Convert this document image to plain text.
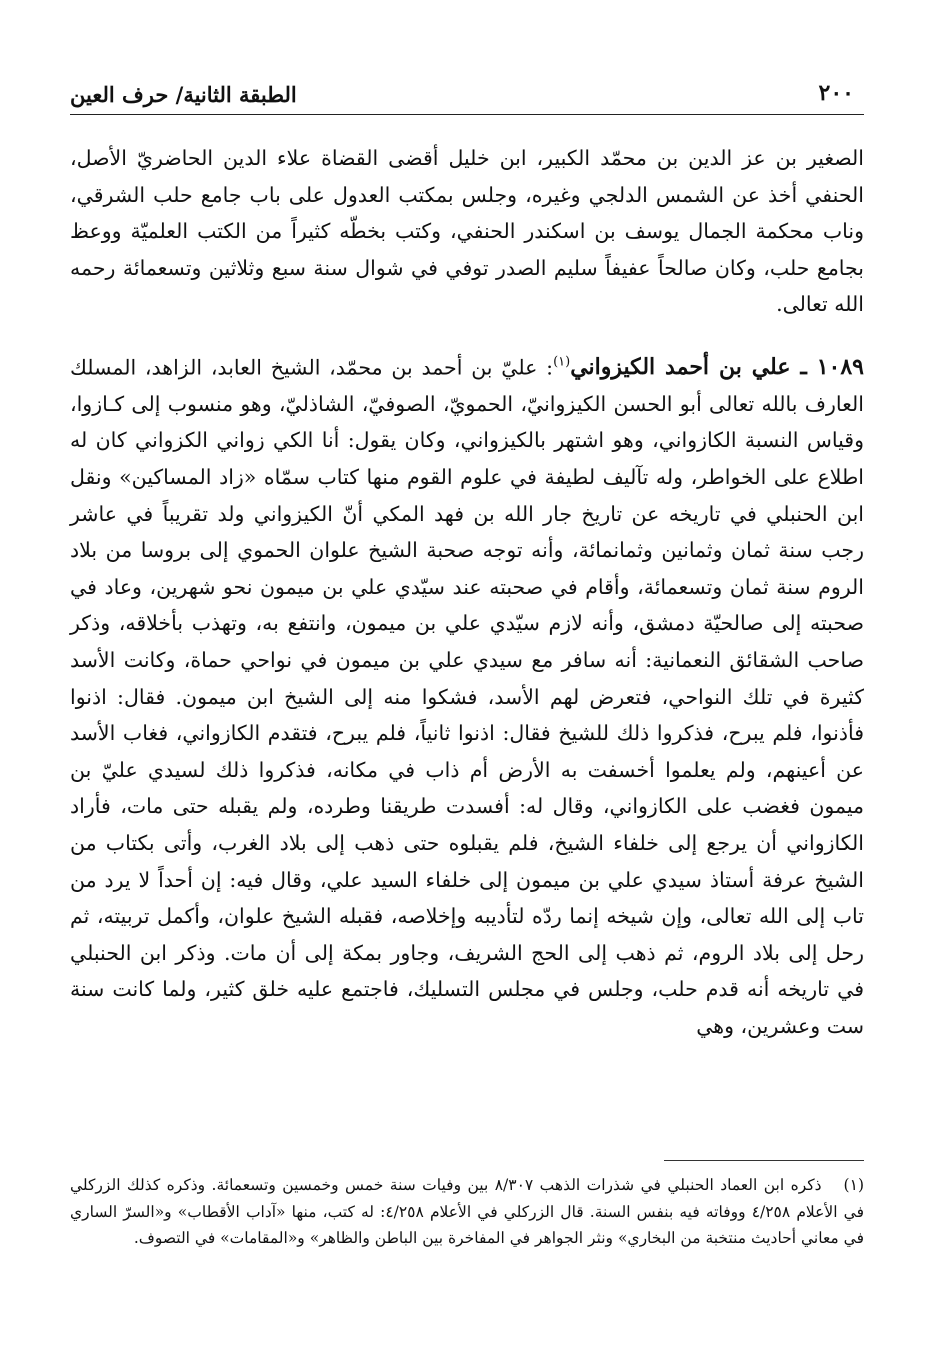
٢٠٠
الطبقة الثانية/ حرف العين

الصغير بن عز الدين بن محمّد الكبير، ابن خليل أقضى القضاة علاء الدين الحاضريّ الأصل، الحنفي أخذ عن الشمس الدلجي وغيره، وجلس بمكتب العدول على باب جامع حلب الشرقي، وناب محكمة الجمال يوسف بن اسكندر الحنفي، وكتب بخطّه كثيراً من الكتب العلميّة ووعظ بجامع حلب، وكان صالحاً عفيفاً سليم الصدر توفي في شوال سنة سبع وثلاثين وتسعمائة رحمه الله تعالى.

١٠٨٩ ـ علي بن أحمد الكيزواني$^{(١)}$: عليّ بن أحمد بن محمّد، الشيخ العابد، الزاهد، المسلك العارف بالله تعالى أبو الحسن الكيزوانيّ، الحمويّ، الصوفيّ، الشاذليّ، وهو منسوب إلى كـازوا، وقياس النسبة الكازواني، وهو اشتهر بالكيزواني، وكان يقول: أنا الكي زواني الكزواني كان له اطلاع على الخواطر، وله تآليف لطيفة في علوم القوم منها كتاب سمّاه «زاد المساكين» ونقل ابن الحنبلي في تاريخه عن تاريخ جار الله بن فهد المكي أنّ الكيزواني ولد تقريباً في عاشر رجب سنة ثمان وثمانين وثمانمائة، وأنه توجه صحبة الشيخ علوان الحموي إلى بروسا من بلاد الروم سنة ثمان وتسعمائة، وأقام في صحبته عند سيّدي علي بن ميمون نحو شهرين، وعاد في صحبته إلى صالحيّة دمشق، وأنه لازم سيّدي علي بن ميمون، وانتفع به، وتهذب بأخلاقه، وذكر صاحب الشقائق النعمانية: أنه سافر مع سيدي علي بن ميمون في نواحي حماة، وكانت الأسد كثيرة في تلك النواحي، فتعرض لهم الأسد، فشكوا منه إلى الشيخ ابن ميمون. فقال: اذنوا فأذنوا، فلم يبرح، فذكروا ذلك للشيخ فقال: اذنوا ثانياً، فلم يبرح، فتقدم الكازواني، فغاب الأسد عن أعينهم، ولم يعلموا أخسفت به الأرض أم ذاب في مكانه، فذكروا ذلك لسيدي عليّ بن ميمون فغضب على الكازواني، وقال له: أفسدت طريقنا وطرده، ولم يقبله حتى مات، فأراد الكازواني أن يرجع إلى خلفاء الشيخ، فلم يقبلوه حتى ذهب إلى بلاد الغرب، وأتى بكتاب من الشيخ عرفة أستاذ سيدي علي بن ميمون إلى خلفاء السيد علي، وقال فيه: إن أحداً لا يرد من تاب إلى الله تعالى، وإن شيخه إنما ردّه لتأديبه وإخلاصه، فقبله الشيخ علوان، وأكمل تربيته، ثم رحل إلى بلاد الروم، ثم ذهب إلى الحج الشريف، وجاور بمكة إلى أن مات. وذكر ابن الحنبلي في تاريخه أنه قدم حلب، وجلس في مجلس التسليك، فاجتمع عليه خلق كثير، ولما كانت سنة ست وعشرين، وهي

(١)ذكره ابن العماد الحنبلي في شذرات الذهب ٨/٣٠٧ بين وفيات سنة خمس وخمسين وتسعمائة. وذكره كذلك الزركلي في الأعلام ٤/٢٥٨ ووفاته فيه بنفس السنة. قال الزركلي في الأعلام ٤/٢٥٨: له كتب، منها «آداب الأقطاب» و«السرّ الساري في معاني أحاديث منتخبة من البخاري» ونثر الجواهر في المفاخرة بين الباطن والظاهر» و«المقامات» في التصوف.
